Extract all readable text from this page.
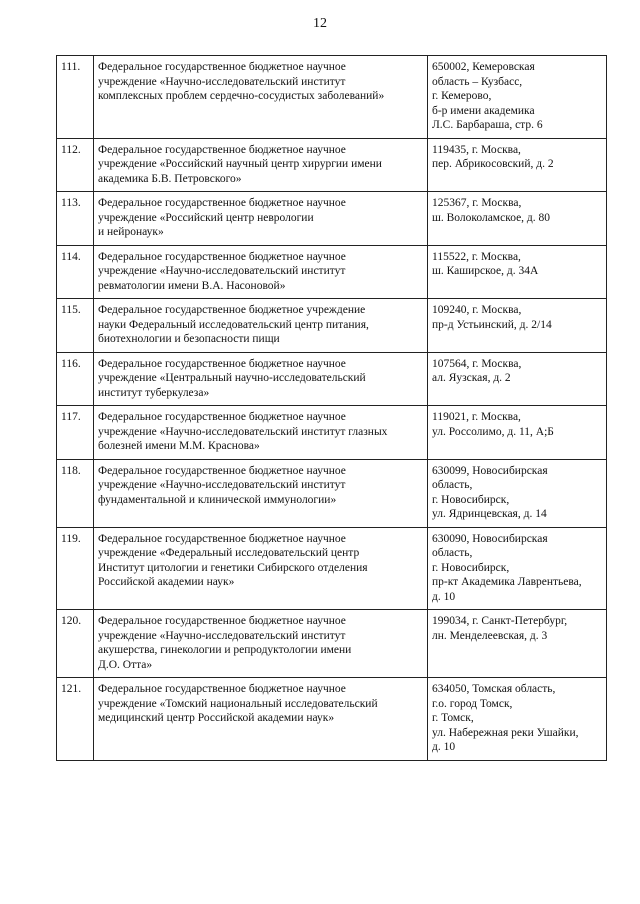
12
111.	Федеральное государственное бюджетное научное
учреждение «Научно-исследовательский институт
комплексных проблем сердечно-сосудистых заболеваний»	650002, Кемеровская
область – Кузбасс,
г. Кемерово,
б-р имени академика
Л.С. Барбараша, стр. 6
112.	Федеральное государственное бюджетное научное
учреждение «Российский научный центр хирургии имени
академика Б.В. Петровского»	119435, г. Москва,
пер. Абрикосовский, д. 2
113.	Федеральное государственное бюджетное научное
учреждение «Российский центр неврологии
и нейронаук»	125367, г. Москва,
ш. Волоколамское, д. 80
114.	Федеральное государственное бюджетное научное
учреждение «Научно-исследовательский институт
ревматологии имени В.А. Насоновой»	115522, г. Москва,
ш. Каширское, д. 34А
115.	Федеральное государственное бюджетное учреждение
науки Федеральный исследовательский центр питания,
биотехнологии и безопасности пищи	109240, г. Москва,
пр-д Устьинский, д. 2/14
116.	Федеральное государственное бюджетное научное
учреждение «Центральный научно-исследовательский
институт туберкулеза»	107564, г. Москва,
ал. Яузская, д. 2
117.	Федеральное государственное бюджетное научное
учреждение «Научно-исследовательский институт глазных
болезней имени М.М. Краснова»	119021, г. Москва,
ул. Россолимо, д. 11, А;Б
118.	Федеральное государственное бюджетное научное
учреждение «Научно-исследовательский институт
фундаментальной и клинической иммунологии»	630099, Новосибирская
область,
г. Новосибирск,
ул. Ядринцевская, д. 14
119.	Федеральное государственное бюджетное научное
учреждение «Федеральный исследовательский центр
Институт цитологии и генетики Сибирского отделения
Российской академии наук»	630090, Новосибирская
область,
г. Новосибирск,
пр-кт Академика Лаврентьева,
д. 10
120.	Федеральное государственное бюджетное научное
учреждение «Научно-исследовательский институт
акушерства, гинекологии и репродуктологии имени
Д.О. Отта»	199034, г. Санкт-Петербург,
лн. Менделеевская, д. 3
121.	Федеральное государственное бюджетное научное
учреждение «Томский национальный исследовательский
медицинский центр Российской академии наук»	634050, Томская область,
г.о. город Томск,
г. Томск,
ул. Набережная реки Ушайки,
д. 10
